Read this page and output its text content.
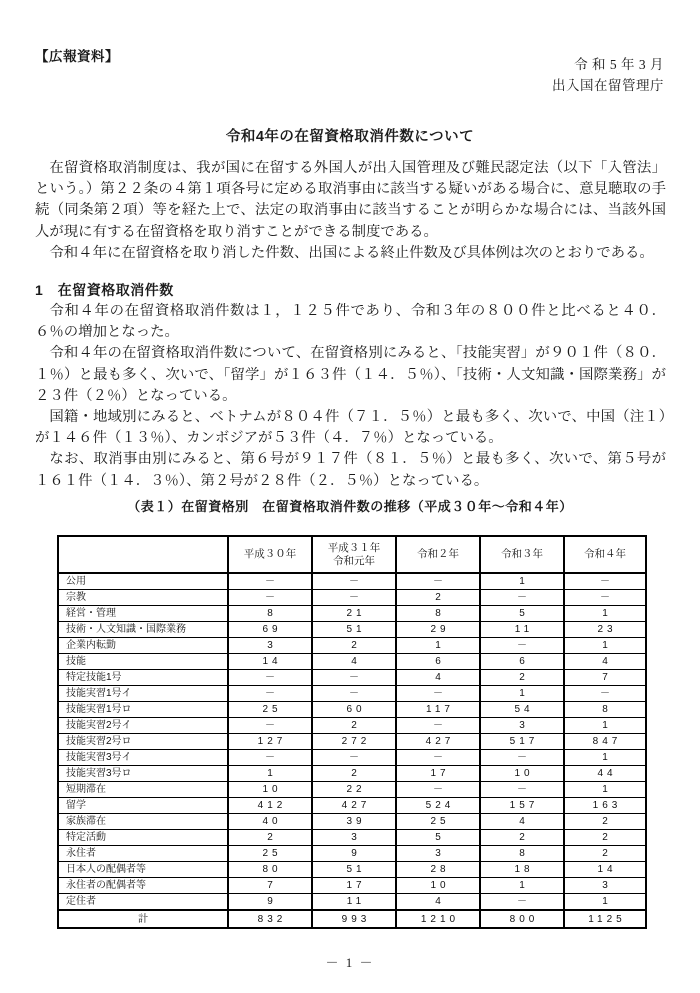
【広報資料】
令 和 5 年 3 月
出入国在留管理庁
令和4年の在留資格取消件数について

在留資格取消制度は、我が国に在留する外国人が出入国管理及び難民認定法（以下「入管法」という。）第２２条の４第１項各号に定める取消事由に該当する疑いがある場合に、意見聴取の手続（同条第２項）等を経た上で、法定の取消事由に該当することが明らかな場合には、当該外国人が現に有する在留資格を取り消すことができる制度である。

令和４年に在留資格を取り消した件数、出国による終止件数及び具体例は次のとおりである。

1　在留資格取消件数

令和４年の在留資格取消件数は１，１２５件であり、令和３年の８００件と比べると４０．６％の増加となった。

令和４年の在留資格取消件数について、在留資格別にみると、「技能実習」が９０１件（８０．１％）と最も多く、次いで、「留学」が１６３件（１４．５％）、「技術・人文知識・国際業務」が２３件（２％）となっている。

国籍・地域別にみると、ベトナムが８０４件（７１．５％）と最も多く、次いで、中国（注１）が１４６件（１３％）、カンボジアが５３件（４．７％）となっている。

なお、取消事由別にみると、第６号が９１７件（８１．５％）と最も多く、次いで、第５号が１６１件（１４．３％）、第２号が２８件（２．５％）となっている。

（表１）在留資格別　在留資格取消件数の推移（平成３０年～令和４年）
	平成３０年	平成３１年
令和元年	令和２年	令和３年	令和４年
公用	－	－	－	1	－
宗教	－	－	2	－	－
経営・管理	8	21	8	5	1
技術・人文知識・国際業務	69	51	29	11	23
企業内転勤	3	2	1	－	1
技能	14	4	6	6	4
特定技能1号	－	－	4	2	7
技能実習1号イ	－	－	－	1	－
技能実習1号ロ	25	60	117	54	8
技能実習2号イ	－	2	－	3	1
技能実習2号ロ	127	272	427	517	847
技能実習3号イ	－	－	－	－	1
技能実習3号ロ	1	2	17	10	44
短期滞在	10	22	－	－	1
留学	412	427	524	157	163
家族滞在	40	39	25	4	2
特定活動	2	3	5	2	2
永住者	25	9	3	8	2
日本人の配偶者等	80	51	28	18	14
永住者の配偶者等	7	17	10	1	3
定住者	9	11	4	－	1
計	832	993	1210	800	1125
－ 1 －
